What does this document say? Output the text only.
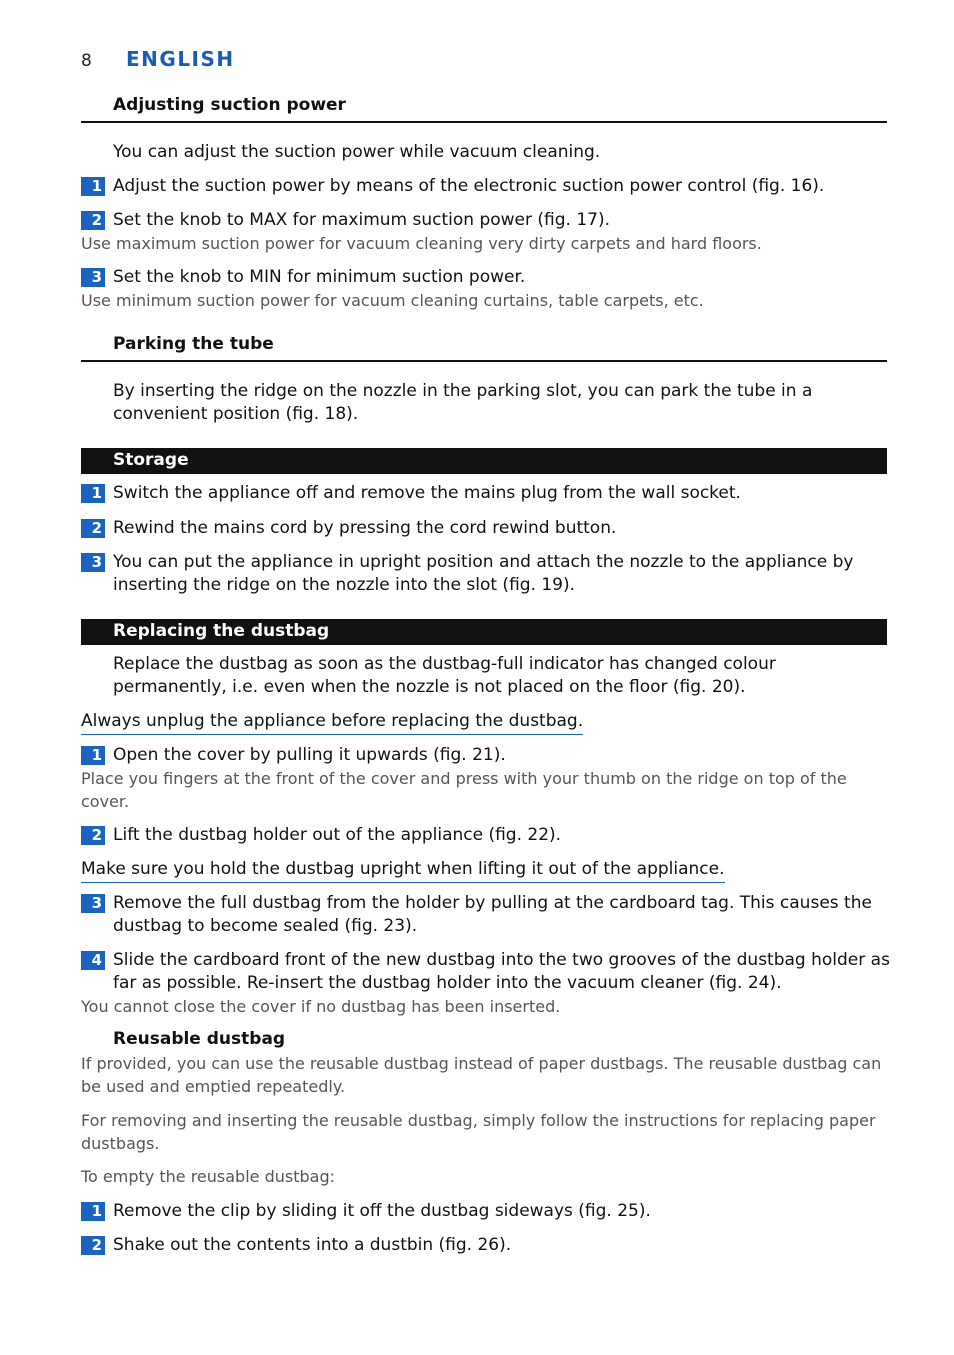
8 ENGLISH
Adjusting suction power
You can adjust the suction power while vacuum cleaning.
1 Adjust the suction power by means of the electronic suction power control (fig. 16).
2 Set the knob to MAX for maximum suction power (fig. 17).
Use maximum suction power for vacuum cleaning very dirty carpets and hard floors.
3 Set the knob to MIN for minimum suction power.
Use minimum suction power for vacuum cleaning curtains, table carpets, etc.
Parking the tube
By inserting the ridge on the nozzle in the parking slot, you can park the tube in a convenient position (fig. 18).
Storage
1 Switch the appliance off and remove the mains plug from the wall socket.
2 Rewind the mains cord by pressing the cord rewind button.
3 You can put the appliance in upright position and attach the nozzle to the appliance by inserting the ridge on the nozzle into the slot (fig. 19).
Replacing the dustbag
Replace the dustbag as soon as the dustbag-full indicator has changed colour permanently, i.e. even when the nozzle is not placed on the floor (fig. 20).
Always unplug the appliance before replacing the dustbag.
1 Open the cover by pulling it upwards (fig. 21).
Place you fingers at the front of the cover and press with your thumb on the ridge on top of the cover.
2 Lift the dustbag holder out of the appliance (fig. 22).
Make sure you hold the dustbag upright when lifting it out of the appliance.
3 Remove the full dustbag from the holder by pulling at the cardboard tag. This causes the dustbag to become sealed (fig. 23).
4 Slide the cardboard front of the new dustbag into the two grooves of the dustbag holder as far as possible. Re-insert the dustbag holder into the vacuum cleaner (fig. 24).
You cannot close the cover if no dustbag has been inserted.
Reusable dustbag
If provided, you can use the reusable dustbag instead of paper dustbags. The reusable dustbag can be used and emptied repeatedly.
For removing and inserting the reusable dustbag, simply follow the instructions for replacing paper dustbags.
To empty the reusable dustbag:
1 Remove the clip by sliding it off the dustbag sideways (fig. 25).
2 Shake out the contents into a dustbin (fig. 26).
